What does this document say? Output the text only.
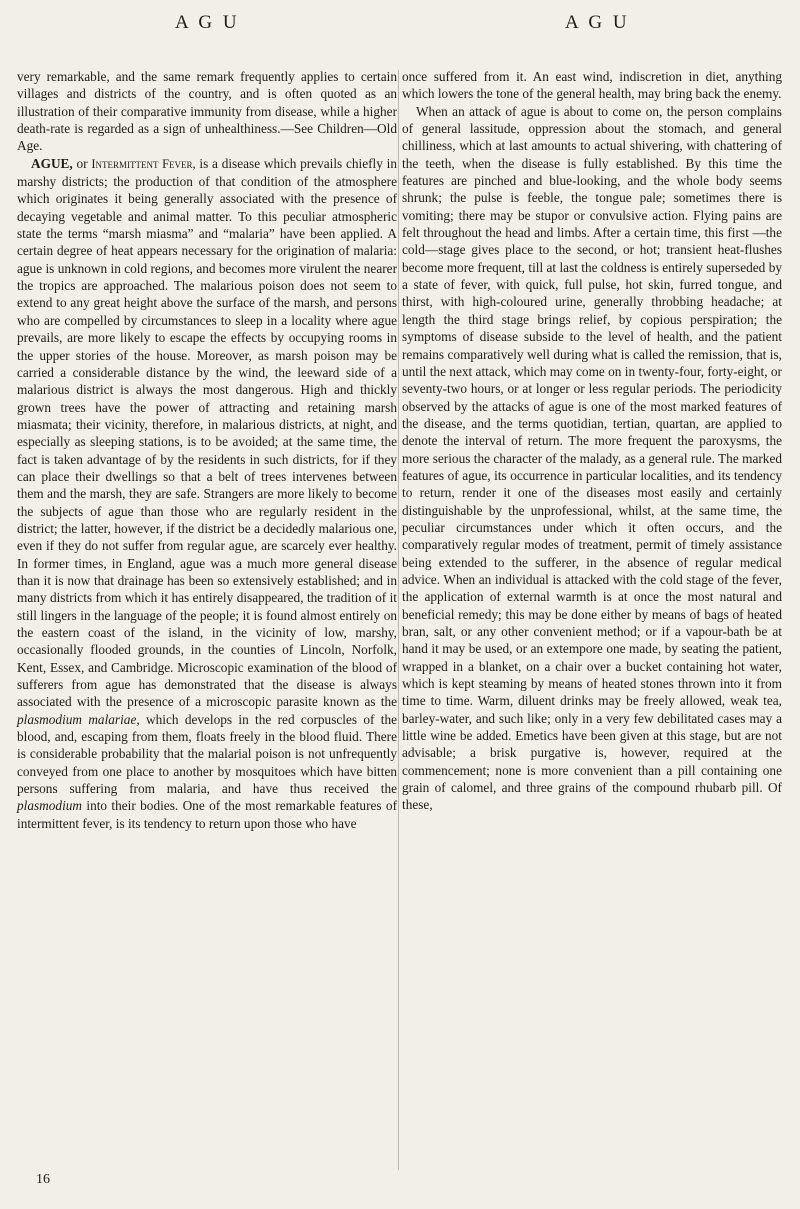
A G U	A G U

very remarkable, and the same remark frequently applies to certain villages and districts of the country, and is often quoted as an illustration of their comparative immunity from disease, while a higher death-rate is regarded as a sign of unhealthiness.—See Children—Old Age.

AGUE, or Intermittent Fever, is a disease which prevails chiefly in marshy districts; the production of that condition of the atmosphere which originates it being generally associated with the presence of decaying vegetable and animal matter. To this peculiar atmospheric state the terms “marsh miasma” and “malaria” have been applied. A certain degree of heat appears necessary for the origination of malaria: ague is unknown in cold regions, and becomes more virulent the nearer the tropics are approached. The malarious poison does not seem to extend to any great height above the surface of the marsh, and persons who are compelled by circumstances to sleep in a locality where ague prevails, are more likely to escape the effects by occupying rooms in the upper stories of the house. Moreover, as marsh poison may be carried a considerable distance by the wind, the leeward side of a malarious district is always the most dangerous. High and thickly grown trees have the power of attracting and retaining marsh miasmata; their vicinity, therefore, in malarious districts, at night, and especially as sleeping stations, is to be avoided; at the same time, the fact is taken advantage of by the residents in such districts, for if they can place their dwellings so that a belt of trees intervenes between them and the marsh, they are safe. Strangers are more likely to become the subjects of ague than those who are regularly resident in the district; the latter, however, if the district be a decidedly malarious one, even if they do not suffer from regular ague, are scarcely ever healthy. In former times, in England, ague was a much more general disease than it is now that drainage has been so extensively established; and in many districts from which it has entirely disappeared, the tradition of it still lingers in the language of the people; it is found almost entirely on the eastern coast of the island, in the vicinity of low, marshy, occasionally flooded grounds, in the counties of Lincoln, Norfolk, Kent, Essex, and Cambridge. Microscopic examination of the blood of sufferers from ague has demonstrated that the disease is always associated with the presence of a microscopic parasite known as the plasmodium malariae, which develops in the red corpuscles of the blood, and, escaping from them, floats freely in the blood fluid. There is considerable probability that the malarial poison is not unfrequently conveyed from one place to another by mosquitoes which have bitten persons suffering from malaria, and have thus received the plasmodium into their bodies. One of the most remarkable features of intermittent fever, is its tendency to return upon those who have

once suffered from it. An east wind, indiscretion in diet, anything which lowers the tone of the general health, may bring back the enemy.

When an attack of ague is about to come on, the person complains of general lassitude, oppression about the stomach, and general chilliness, which at last amounts to actual shivering, with chattering of the teeth, when the disease is fully established. By this time the features are pinched and blue-looking, and the whole body seems shrunk; the pulse is feeble, the tongue pale; sometimes there is vomiting; there may be stupor or convulsive action. Flying pains are felt throughout the head and limbs. After a certain time, this first —the cold—stage gives place to the second, or hot; transient heat-flushes become more frequent, till at last the coldness is entirely superseded by a state of fever, with quick, full pulse, hot skin, furred tongue, and thirst, with high-coloured urine, generally throbbing headache; at length the third stage brings relief, by copious perspiration; the symptoms of disease subside to the level of health, and the patient remains comparatively well during what is called the remission, that is, until the next attack, which may come on in twenty-four, forty-eight, or seventy-two hours, or at longer or less regular periods. The periodicity observed by the attacks of ague is one of the most marked features of the disease, and the terms quotidian, tertian, quartan, are applied to denote the interval of return. The more frequent the paroxysms, the more serious the character of the malady, as a general rule. The marked features of ague, its occurrence in particular localities, and its tendency to return, render it one of the diseases most easily and certainly distinguishable by the unprofessional, whilst, at the same time, the peculiar circumstances under which it often occurs, and the comparatively regular modes of treatment, permit of timely assistance being extended to the sufferer, in the absence of regular medical advice. When an individual is attacked with the cold stage of the fever, the application of external warmth is at once the most natural and beneficial remedy; this may be done either by means of bags of heated bran, salt, or any other convenient method; or if a vapour-bath be at hand it may be used, or an extempore one made, by seating the patient, wrapped in a blanket, on a chair over a bucket containing hot water, which is kept steaming by means of heated stones thrown into it from time to time. Warm, diluent drinks may be freely allowed, weak tea, barley-water, and such like; only in a very few debilitated cases may a little wine be added. Emetics have been given at this stage, but are not advisable; a brisk purgative is, however, required at the commencement; none is more convenient than a pill containing one grain of calomel, and three grains of the compound rhubarb pill. Of these,

16
